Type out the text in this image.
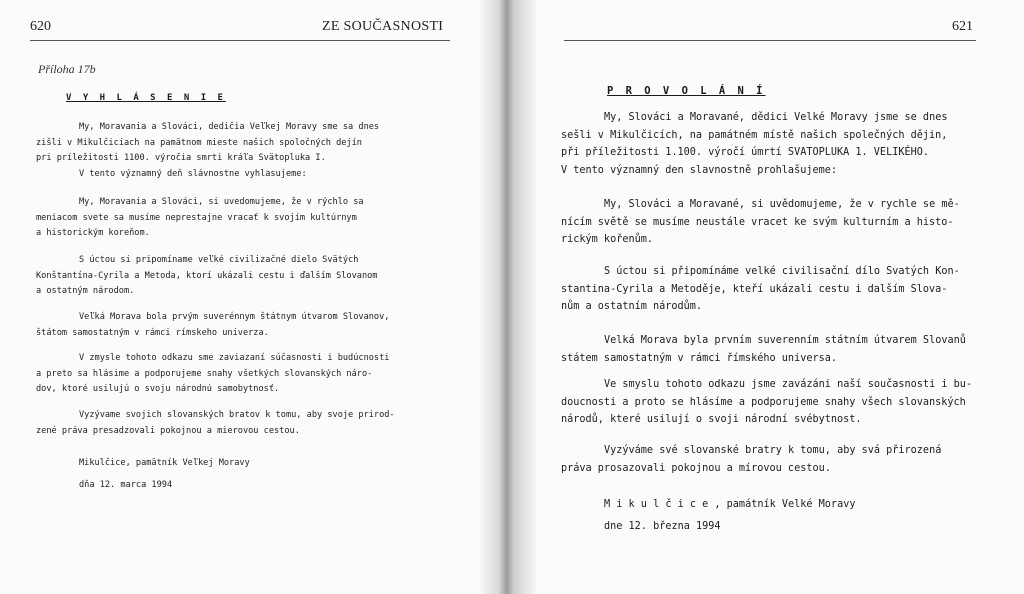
620	ZE SOUČASNOSTI
Příloha 17b
V Y H L Á S E N I E
My, Moravania a Slováci, dedičia Veľkej Moravy sme sa dnes
zišli v Mikulčiciach na pamätnom mieste našich spoločných dejín
pri príležitosti 1100. výročia smrti kráľa Svätopluka I.
V tento významný deň slávnostne vyhlasujeme:
My, Moravania a Slováci, si uvedomujeme, že v rýchlo sa
meniacom svete sa musíme neprestajne vracať k svojím kultúrnym
a historickým koreňom.
S úctou si pripomíname veľké civilizačné dielo Svätých
Konštantína-Cyrila a Metoda, ktorí ukázali cestu i ďalším Slovanom
a ostatným národom.
Veľká Morava bola prvým suverénnym štátnym útvarom Slovanov,
štátom samostatným v rámci rímskeho univerza.
V zmysle tohoto odkazu sme zaviazaní súčasnosti i budúcnosti
a preto sa hlásime a podporujeme snahy všetkých slovanských náro-
dov, ktoré usilujú o svoju národnú samobytnosť.
Vyzývame svojich slovanských bratov k tomu, aby svoje prirod-
zené práva presadzovali pokojnou a mierovou cestou.
Mikulčice, pamätník Veľkej Moravy
dňa 12. marca 1994
621
P R O V O L Á N Í
My, Slováci a Moravané, dědici Velké Moravy jsme se dnes
sešli v Mikulčicích, na památném místě našich společných dějin,
při příležitosti 1.100. výročí úmrtí SVATOPLUKA 1. VELIKÉHO.
V tento významný den slavnostně prohlašujeme:
My, Slováci a Moravané, si uvědomujeme, že v rychle se mě-
nícím světě se musíme neustále vracet ke svým kulturním a histo-
rickým kořenům.
S úctou si připomínáme velké civilisační dílo Svatých Kon-
stantina-Cyrila a Metoděje, kteří ukázali cestu i dalším Slova-
nům a ostatním národům.
Velká Morava byla prvním suverenním státním útvarem Slovanů
státem samostatným v rámci římského universa.
Ve smyslu tohoto odkazu jsme zavázáni naší současnosti i bu-
doucnosti a proto se hlásíme a podporujeme snahy všech slovanských
národů, které usilují o svoji národní svébytnost.
Vyzýváme své slovanské bratry k tomu, aby svá přirozená
práva prosazovali pokojnou a mírovou cestou.
M i k u l č i c e , památník Velké Moravy
dne 12. března 1994
